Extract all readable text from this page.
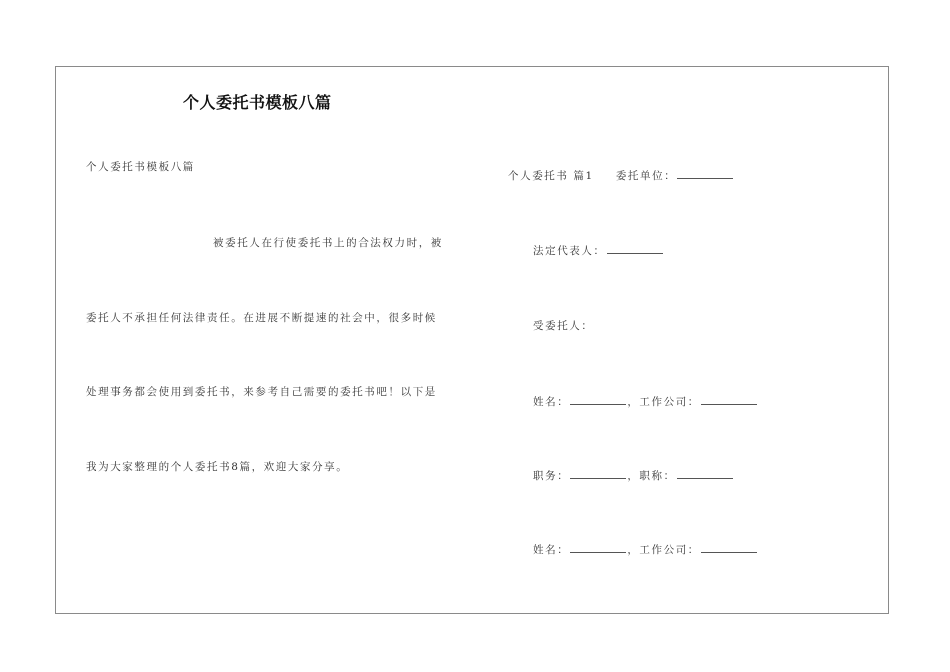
个人委托书模板八篇
个人委托书模板八篇
被委托人在行使委托书上的合法权力时，被
委托人不承担任何法律责任。在进展不断提速的社会中，很多时候
处理事务都会使用到委托书，来参考自己需要的委托书吧！以下是
我为大家整理的个人委托书8篇，欢迎大家分享。
个人委托书 篇1 委托单位：
法定代表人：
受委托人：
姓名：	，工作公司：
职务：	，职称：
姓名：	，工作公司：
